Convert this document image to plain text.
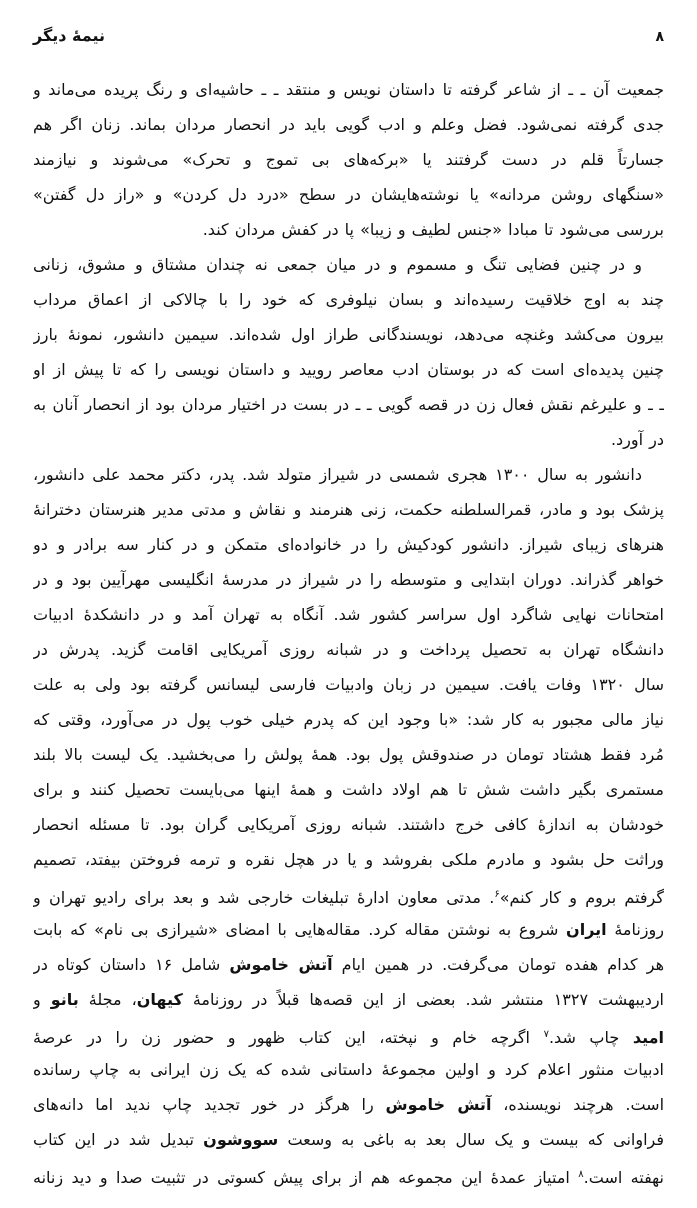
نیمهٔ دیگر	۸
جمعیت آن ـ ـ از شاعر گرفته تا داستان نویس و منتقد ـ ـ حاشیه‌ای و رنگ پریده می‌ماند و
جدی گرفته نمی‌شود. فضل وعلم و ادب گویی باید در انحصار مردان بماند. زنان اگر هم
جسارتاً قلم در دست گرفتند یا «برکه‌های بی تموج و تحرک» می‌شوند و نیازمند
«سنگهای روشن مردانه» یا نوشته‌هایشان در سطح «درد دل کردن» و «راز دل گفتن»
بررسی می‌شود تا مبادا «جنس لطیف و زیبا» پا در کفش مردان کند.
و در چنین فضایی تنگ و مسموم و در میان جمعی نه چندان مشتاق و مشوق، زنانی
چند به اوج خلاقیت رسیده‌اند و بسان نیلوفری که خود را با چالاکی از اعماق مرداب
بیرون می‌کشد وغنچه می‌دهد، نویسندگانی طراز اول شده‌اند. سیمین دانشور، نمونهٔ بارز
چنین پدیده‌ای است که در بوستان ادب معاصر رویید و داستان نویسی را که تا پیش از او
ـ ـ و علیرغم نقش فعال زن در قصه گویی ـ ـ در بست در اختیار مردان بود از انحصار آنان به
در آورد.
دانشور به سال ۱۳۰۰ هجری شمسی در شیراز متولد شد. پدر، دکتر محمد علی دانشور،
پزشک بود و مادر، قمرالسلطنه حکمت، زنی هنرمند و نقاش و مدتی مدیر هنرستان دخترانهٔ
هنرهای زیبای شیراز. دانشور کودکیش را در خانواده‌ای متمکن و در کنار سه برادر و دو
خواهر گذراند. دوران ابتدایی و متوسطه را در شیراز در مدرسهٔ انگلیسی مهرآیین بود و در
امتحانات نهایی شاگرد اول سراسر کشور شد. آنگاه به تهران آمد و در دانشکدهٔ ادبیات
دانشگاه تهران به تحصیل پرداخت و در شبانه روزی آمریکایی اقامت گزید. پدرش در
سال ۱۳۲۰ وفات یافت. سیمین در زبان وادبیات فارسی لیسانس گرفته بود ولی به علت
نیاز مالی مجبور به کار شد: «با وجود این که پدرم خیلی خوب پول در می‌آورد، وقتی که
مُرد فقط هشتاد تومان در صندوقش پول بود. همهٔ پولش را می‌بخشید. یک لیست بالا بلند
مستمری بگیر داشت شش تا هم اولاد داشت و همهٔ اینها می‌بایست تحصیل کنند و برای
خودشان به اندازهٔ کافی خرج داشتند. شبانه روزی آمریکایی گران بود. تا مسئله انحصار
وراثت حل بشود و مادرم ملکی بفروشد و یا در هچل نقره و ترمه فروختن بیفتد، تصمیم
گرفتم بروم و کار کنم»$^۶$. مدتی معاون ادارهٔ تبلیغات خارجی شد و بعد برای رادیو تهران و
روزنامهٔ ایران شروع به نوشتن مقاله کرد. مقاله‌هایی با امضای «شیرازی بی نام» که بابت
هر کدام هفده تومان می‌گرفت. در همین ایام آتش خاموش شامل ۱۶ داستان کوتاه در
اردیبهشت ۱۳۲۷ منتشر شد. بعضی از این قصه‌ها قبلاً در روزنامهٔ کیهان، مجلهٔ بانو و
امید چاپ شد.$^۷$ اگرچه خام و نپخته، این کتاب ظهور و حضور زن را در عرصهٔ
ادبیات منثور اعلام کرد و اولین مجموعهٔ داستانی شده که یک زن ایرانی به چاپ رسانده
است. هرچند نویسنده، آتش خاموش را هرگز در خور تجدید چاپ ندید اما دانه‌های
فراوانی که بیست و یک سال بعد به باغی به وسعت سووشون تبدیل شد در این کتاب
نهفته است.$^۸$ امتیاز عمدهٔ این مجموعه هم از برای پیش کسوتی در تثبیت صدا و دید زنانه
